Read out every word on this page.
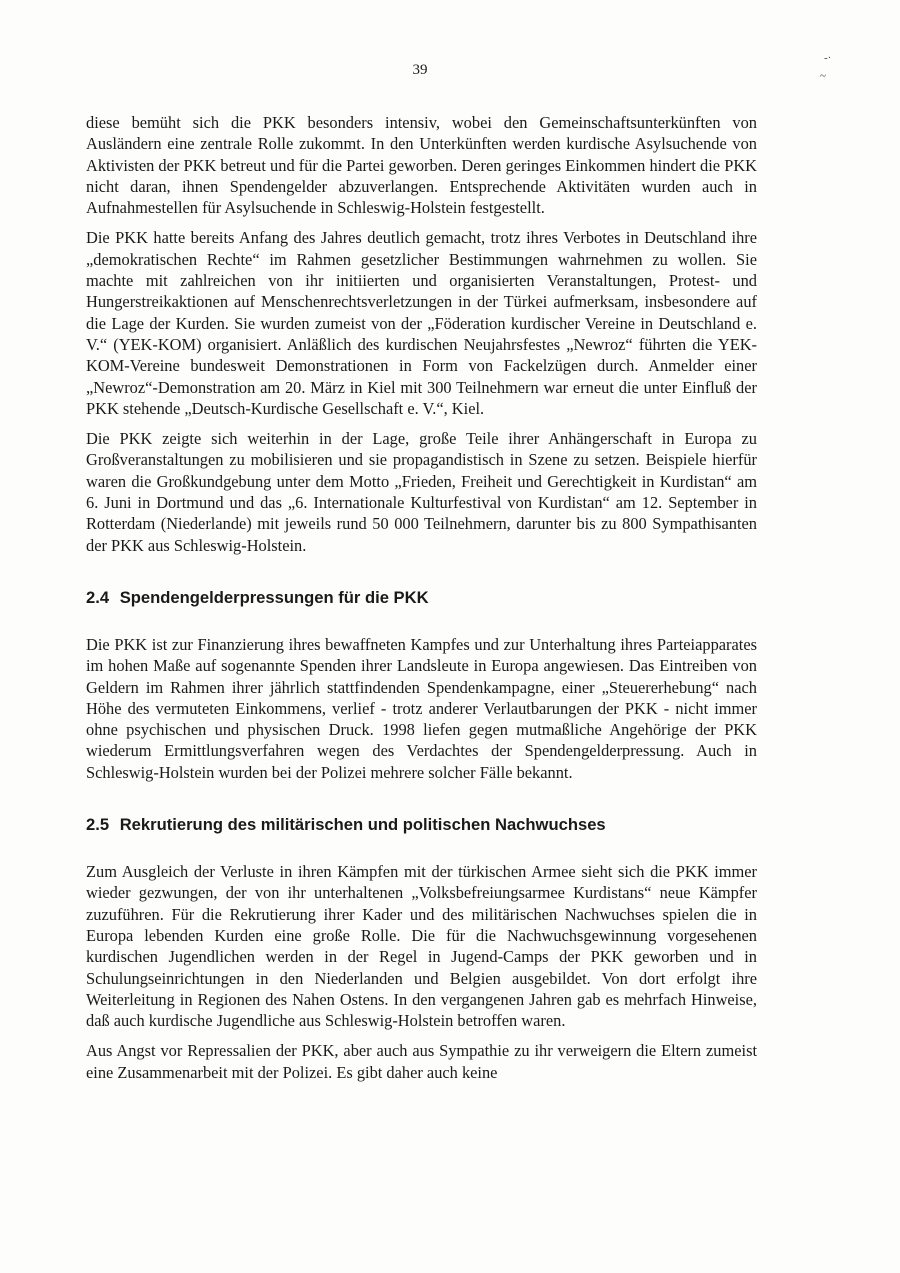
39
-·
~

diese bemüht sich die PKK besonders intensiv, wobei den Gemeinschaftsunterkünften von Ausländern eine zentrale Rolle zukommt. In den Unterkünften werden kurdische Asylsuchende von Aktivisten der PKK betreut und für die Partei geworben. Deren geringes Einkommen hindert die PKK nicht daran, ihnen Spendengelder abzuverlangen. Entsprechende Aktivitäten wurden auch in Aufnahmestellen für Asylsuchende in Schleswig-Holstein festgestellt.

Die PKK hatte bereits Anfang des Jahres deutlich gemacht, trotz ihres Verbotes in Deutschland ihre „demokratischen Rechte“ im Rahmen gesetzlicher Bestimmungen wahrnehmen zu wollen. Sie machte mit zahlreichen von ihr initiierten und organisierten Veranstaltungen, Protest- und Hungerstreikaktionen auf Menschenrechtsverletzungen in der Türkei aufmerksam, insbesondere auf die Lage der Kurden. Sie wurden zumeist von der „Föderation kurdischer Vereine in Deutschland e. V.“ (YEK-KOM) organisiert. Anläßlich des kurdischen Neujahrsfestes „Newroz“ führten die YEK-KOM-Vereine bundesweit Demonstrationen in Form von Fackelzügen durch. Anmelder einer „Newroz“-Demonstration am 20. März in Kiel mit 300 Teilnehmern war erneut die unter Einfluß der PKK stehende „Deutsch-Kurdische Gesellschaft e. V.“, Kiel.

Die PKK zeigte sich weiterhin in der Lage, große Teile ihrer Anhängerschaft in Europa zu Großveranstaltungen zu mobilisieren und sie propagandistisch in Szene zu setzen. Beispiele hierfür waren die Großkundgebung unter dem Motto „Frieden, Freiheit und Gerechtigkeit in Kurdistan“ am 6. Juni in Dortmund und das „6. Internationale Kulturfestival von Kurdistan“ am 12. September in Rotterdam (Niederlande) mit jeweils rund 50 000 Teilnehmern, darunter bis zu 800 Sympathisanten der PKK aus Schleswig-Holstein.

2.4 Spendengelderpressungen für die PKK

Die PKK ist zur Finanzierung ihres bewaffneten Kampfes und zur Unterhaltung ihres Parteiapparates im hohen Maße auf sogenannte Spenden ihrer Landsleute in Europa angewiesen. Das Eintreiben von Geldern im Rahmen ihrer jährlich stattfindenden Spendenkampagne, einer „Steuererhebung“ nach Höhe des vermuteten Einkommens, verlief - trotz anderer Verlautbarungen der PKK - nicht immer ohne psychischen und physischen Druck. 1998 liefen gegen mutmaßliche Angehörige der PKK wiederum Ermittlungsverfahren wegen des Verdachtes der Spendengelderpressung. Auch in Schleswig-Holstein wurden bei der Polizei mehrere solcher Fälle bekannt.

2.5 Rekrutierung des militärischen und politischen Nachwuchses

Zum Ausgleich der Verluste in ihren Kämpfen mit der türkischen Armee sieht sich die PKK immer wieder gezwungen, der von ihr unterhaltenen „Volksbefreiungsarmee Kurdistans“ neue Kämpfer zuzuführen. Für die Rekrutierung ihrer Kader und des militärischen Nachwuchses spielen die in Europa lebenden Kurden eine große Rolle. Die für die Nachwuchsgewinnung vorgesehenen kurdischen Jugendlichen werden in der Regel in Jugend-Camps der PKK geworben und in Schulungseinrichtungen in den Niederlanden und Belgien ausgebildet. Von dort erfolgt ihre Weiterleitung in Regionen des Nahen Ostens. In den vergangenen Jahren gab es mehrfach Hinweise, daß auch kurdische Jugendliche aus Schleswig-Holstein betroffen waren.

Aus Angst vor Repressalien der PKK, aber auch aus Sympathie zu ihr verweigern die Eltern zumeist eine Zusammenarbeit mit der Polizei. Es gibt daher auch keine
